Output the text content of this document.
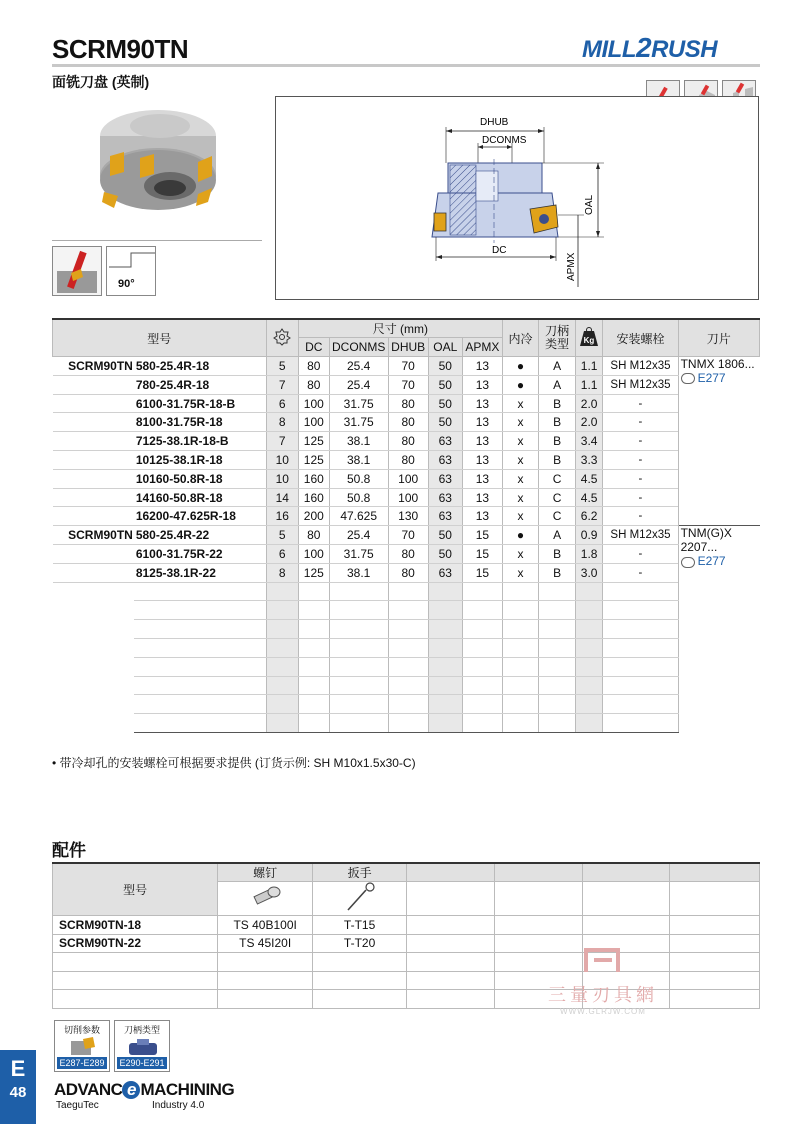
SCRM90TN
面铣刀盘 (英制)
MILL2RUSH
90°
DHUB
DCONMS
DC
OAL
APMX
型号			尺寸 (mm)					内冷	刀柄
类型	Kg	安装螺栓	刀片
			DC	DCONMS	DHUB	OAL	APMX					
SCRM90TN	580-25.4R-18	5	80	25.4	70	50	13	●	A	1.1	SH M12x35	TNMX 1806...
E277

	780-25.4R-18	7	80	25.4	70	50	13	●	A	1.1	SH M12x35	
	6100-31.75R-18-B	6	100	31.75	80	50	13	x	B	2.0	-	
	8100-31.75R-18	8	100	31.75	80	50	13	x	B	2.0	-	
	7125-38.1R-18-B	7	125	38.1	80	63	13	x	B	3.4	-	
	10125-38.1R-18	10	125	38.1	80	63	13	x	B	3.3	-	
	10160-50.8R-18	10	160	50.8	100	63	13	x	C	4.5	-	
	14160-50.8R-18	14	160	50.8	100	63	13	x	C	4.5	-	
	16200-47.625R-18	16	200	47.625	130	63	13	x	C	6.2	-	
SCRM90TN	580-25.4R-22	5	80	25.4	70	50	15	●	A	0.9	SH M12x35	TNM(G)X
2207...
E277

	6100-31.75R-22	6	100	31.75	80	50	15	x	B	1.8	-	
	8125-38.1R-22	8	125	38.1	80	63	15	x	B	3.0	-	

• 带冷却孔的安装螺栓可根据要求提供 (订货示例: SH M10x1.5x30-C)
配件
型号	螺钉	扳手				

SCRM90TN-18	TS 40B100I	T-T15				
SCRM90TN-22	TS 45I20I	T-T20				

三量刃具網
WWW.GLRJW.COM
切削参数
E287-E289
刀柄类型
E290-E291
E
48	ADVANC e MACHINING
TaeguTec	Industry 4.0
